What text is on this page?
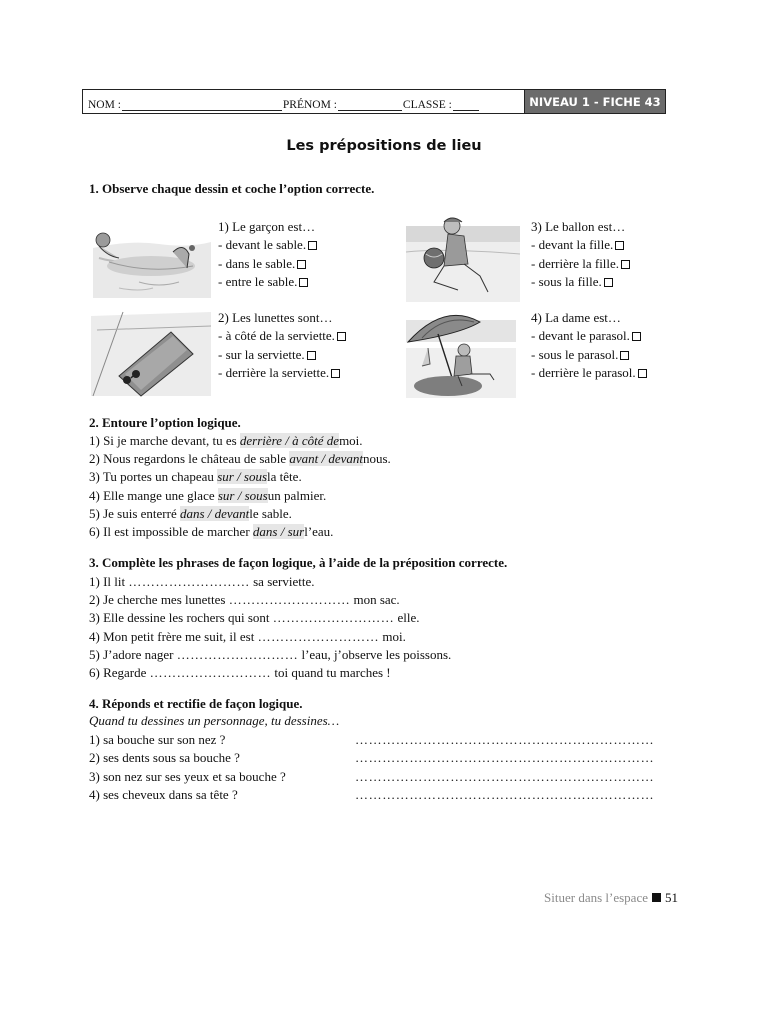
NOM :	PRÉNOM :	CLASSE :	NIVEAU 1 - FICHE 43
Les prépositions de lieu
1. Observe chaque dessin et coche l’option correcte.
1) Le garçon est…
- devant le sable.
- dans le sable.
- entre le sable.
2) Les lunettes sont…
- à côté de la serviette.
- sur la serviette.
- derrière la serviette.
3) Le ballon est…
- devant la fille.
- derrière la fille.
- sous la fille.
4) La dame est…
- devant le parasol.
- sous le parasol.
- derrière le parasol.
2. Entoure l’option logique.
1) Si je marche devant, tu es derrière / à côté demoi.
2) Nous regardons le château de sable avant / devantnous.
3) Tu portes un chapeau sur / sousla tête.
4) Elle mange une glace sur / sousun palmier.
5) Je suis enterré dans / devantle sable.
6) Il est impossible de marcher dans / surl’eau.
3. Complète les phrases de façon logique, à l’aide de la préposition correcte.
1) Il lit ……………………… sa serviette.
2) Je cherche mes lunettes ……………………… mon sac.
3) Elle dessine les rochers qui sont ……………………… elle.
4) Mon petit frère me suit, il est ……………………… moi.
5) J’adore nager ……………………… l’eau, j’observe les poissons.
6) Regarde ……………………… toi quand tu marches !
4. Réponds et rectifie de façon logique.
Quand tu dessines un personnage, tu dessines…
1) sa bouche sur son nez ?	…………………………………………………………
2) ses dents sous sa bouche ?	…………………………………………………………
3) son nez sur ses yeux et sa bouche ?	…………………………………………………………
4) ses cheveux dans sa tête ?	…………………………………………………………
Situer dans l’espace 51
